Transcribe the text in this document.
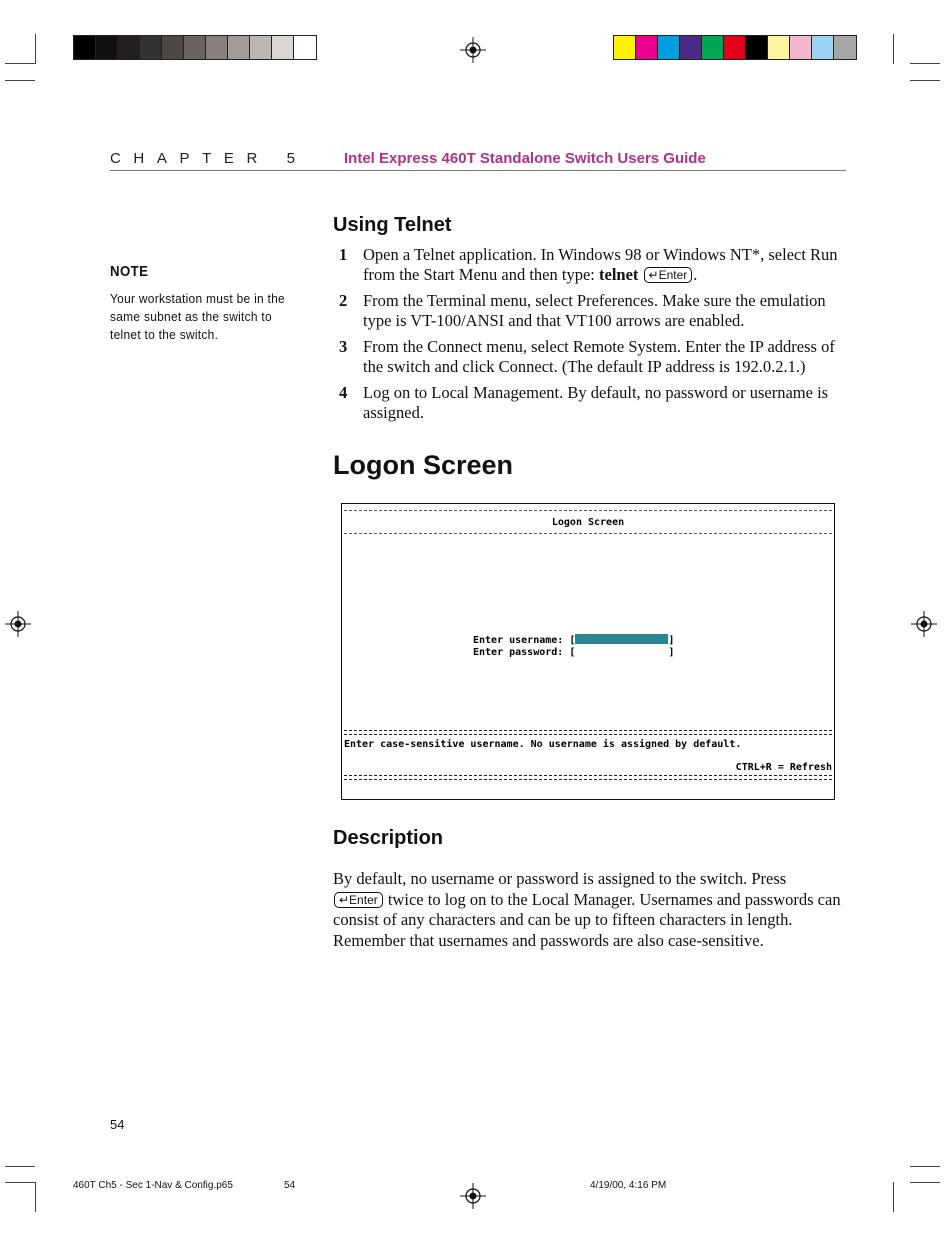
CHAPTER 5 Intel Express 460T Standalone Switch Users Guide
NOTE
Your workstation must be in the same subnet as the switch to telnet to the switch.
Using Telnet
1 Open a Telnet application. In Windows 98 or Windows NT*, select Run from the Start Menu and then type: telnet ↵Enter .
2 From the Terminal menu, select Preferences. Make sure the emulation type is VT-100/ANSI and that VT100 arrows are enabled.
3 From the Connect menu, select Remote System. Enter the IP address of the switch and click Connect. (The default IP address is 192.0.2.1.)
4 Log on to Local Management. By default, no password or username is assigned.
Logon Screen
Logon Screen
Enter username: [	]
Enter password: [	]
Enter case-sensitive username. No username is assigned by default.
CTRL+R = Refresh
Description
By default, no username or password is assigned to the switch. Press
↵Enter twice to log on to the Local Manager. Usernames and passwords can consist of any characters and can be up to fifteen characters in length. Remember that usernames and passwords are also case-sensitive.
54
460T Ch5 - Sec 1-Nav & Config.p65	54	4/19/00, 4:16 PM
